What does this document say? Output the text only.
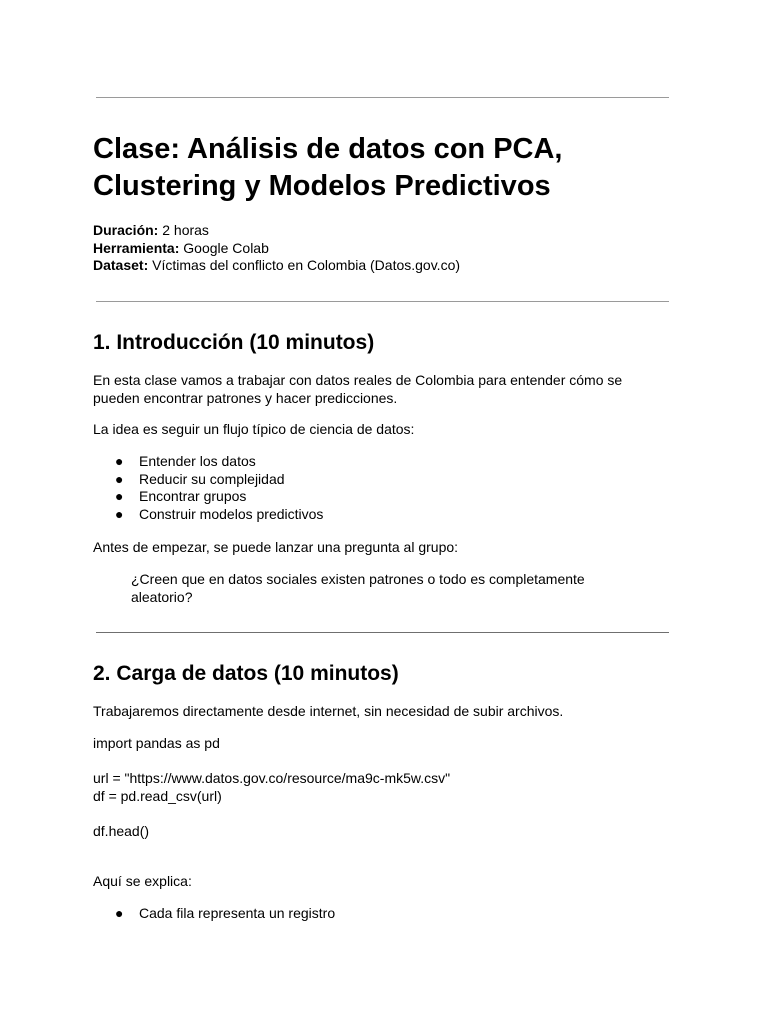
Clase: Análisis de datos con PCA, Clustering y Modelos Predictivos
Duración: 2 horas
Herramienta: Google Colab
Dataset: Víctimas del conflicto en Colombia (Datos.gov.co)
1. Introducción (10 minutos)

En esta clase vamos a trabajar con datos reales de Colombia para entender cómo se pueden encontrar patrones y hacer predicciones.

La idea es seguir un flujo típico de ciencia de datos:

● Entender los datos
● Reducir su complejidad
● Encontrar grupos
● Construir modelos predictivos

Antes de empezar, se puede lanzar una pregunta al grupo:

¿Creen que en datos sociales existen patrones o todo es completamente aleatorio?

2. Carga de datos (10 minutos)

Trabajaremos directamente desde internet, sin necesidad de subir archivos.

import pandas as pd
url = "https://www.datos.gov.co/resource/ma9c-mk5w.csv"
df = pd.read_csv(url)
df.head()

Aquí se explica:

● Cada fila representa un registro
